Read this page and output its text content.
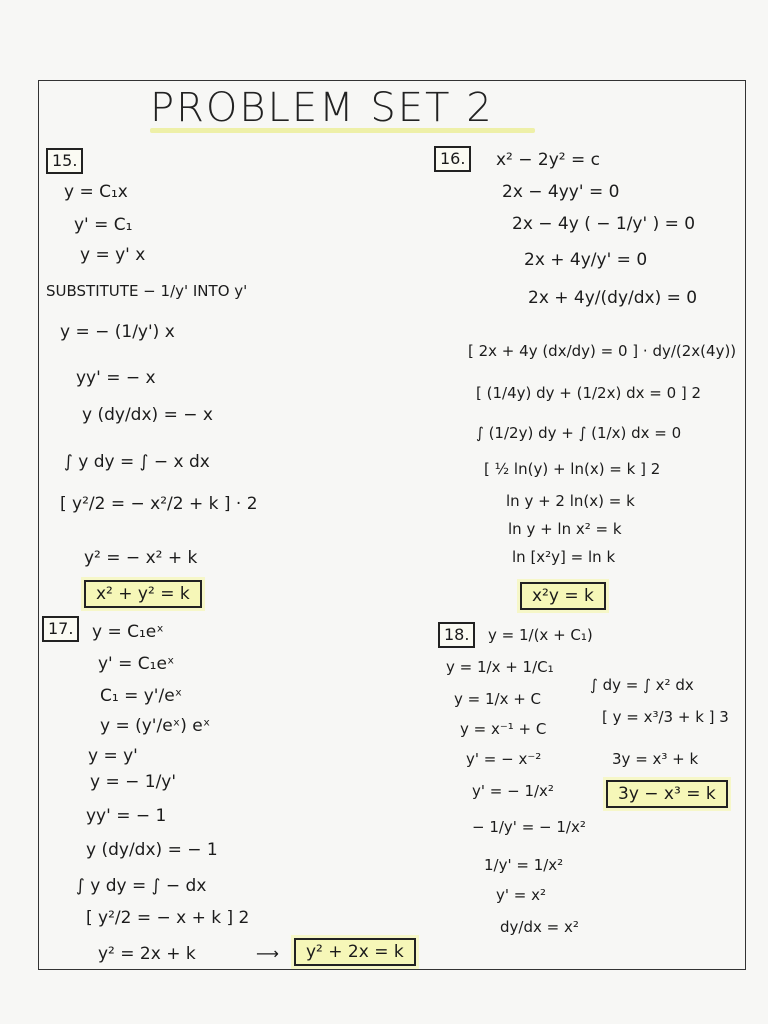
PROBLEM SET 2
15.
y = C₁x
y' = C₁
y = y' x
SUBSTITUTE − 1/y' INTO y'
y = − (1/y') x
yy' = − x
y (dy/dx) = − x
∫ y dy = ∫ − x dx
[ y²/2 = − x²/2 + k ] · 2
y² = − x² + k
x² + y² = k
16.	x² − 2y² = c
2x − 4yy' = 0
2x − 4y ( − 1/y' ) = 0
2x + 4y/y' = 0
2x + 4y/(dy/dx) = 0
[ 2x + 4y (dx/dy) = 0 ] · dy/(2x(4y))
[ (1/4y) dy + (1/2x) dx = 0 ] 2
∫ (1/2y) dy + ∫ (1/x) dx = 0
[ ½ ln(y) + ln(x) = k ] 2
ln y + 2 ln(x) = k
ln y + ln x² = k
ln [x²y] = ln k
x²y = k
17.	y = C₁eˣ
y' = C₁eˣ
C₁ = y'/eˣ
y = (y'/eˣ) eˣ
y = y'
y = − 1/y'
yy' = − 1
y (dy/dx) = − 1
∫ y dy = ∫ − dx
[ y²/2 = − x + k ] 2
y² = 2x + k	⟶	y² + 2x = k
18.	y = 1/(x + C₁)
y = 1/x + 1/C₁
y = 1/x + C
y = x⁻¹ + C
y' = − x⁻²
y' = − 1/x²
− 1/y' = − 1/x²
1/y' = 1/x²
y' = x²
dy/dx = x²
∫ dy = ∫ x² dx
[ y = x³/3 + k ] 3
3y = x³ + k
3y − x³ = k
